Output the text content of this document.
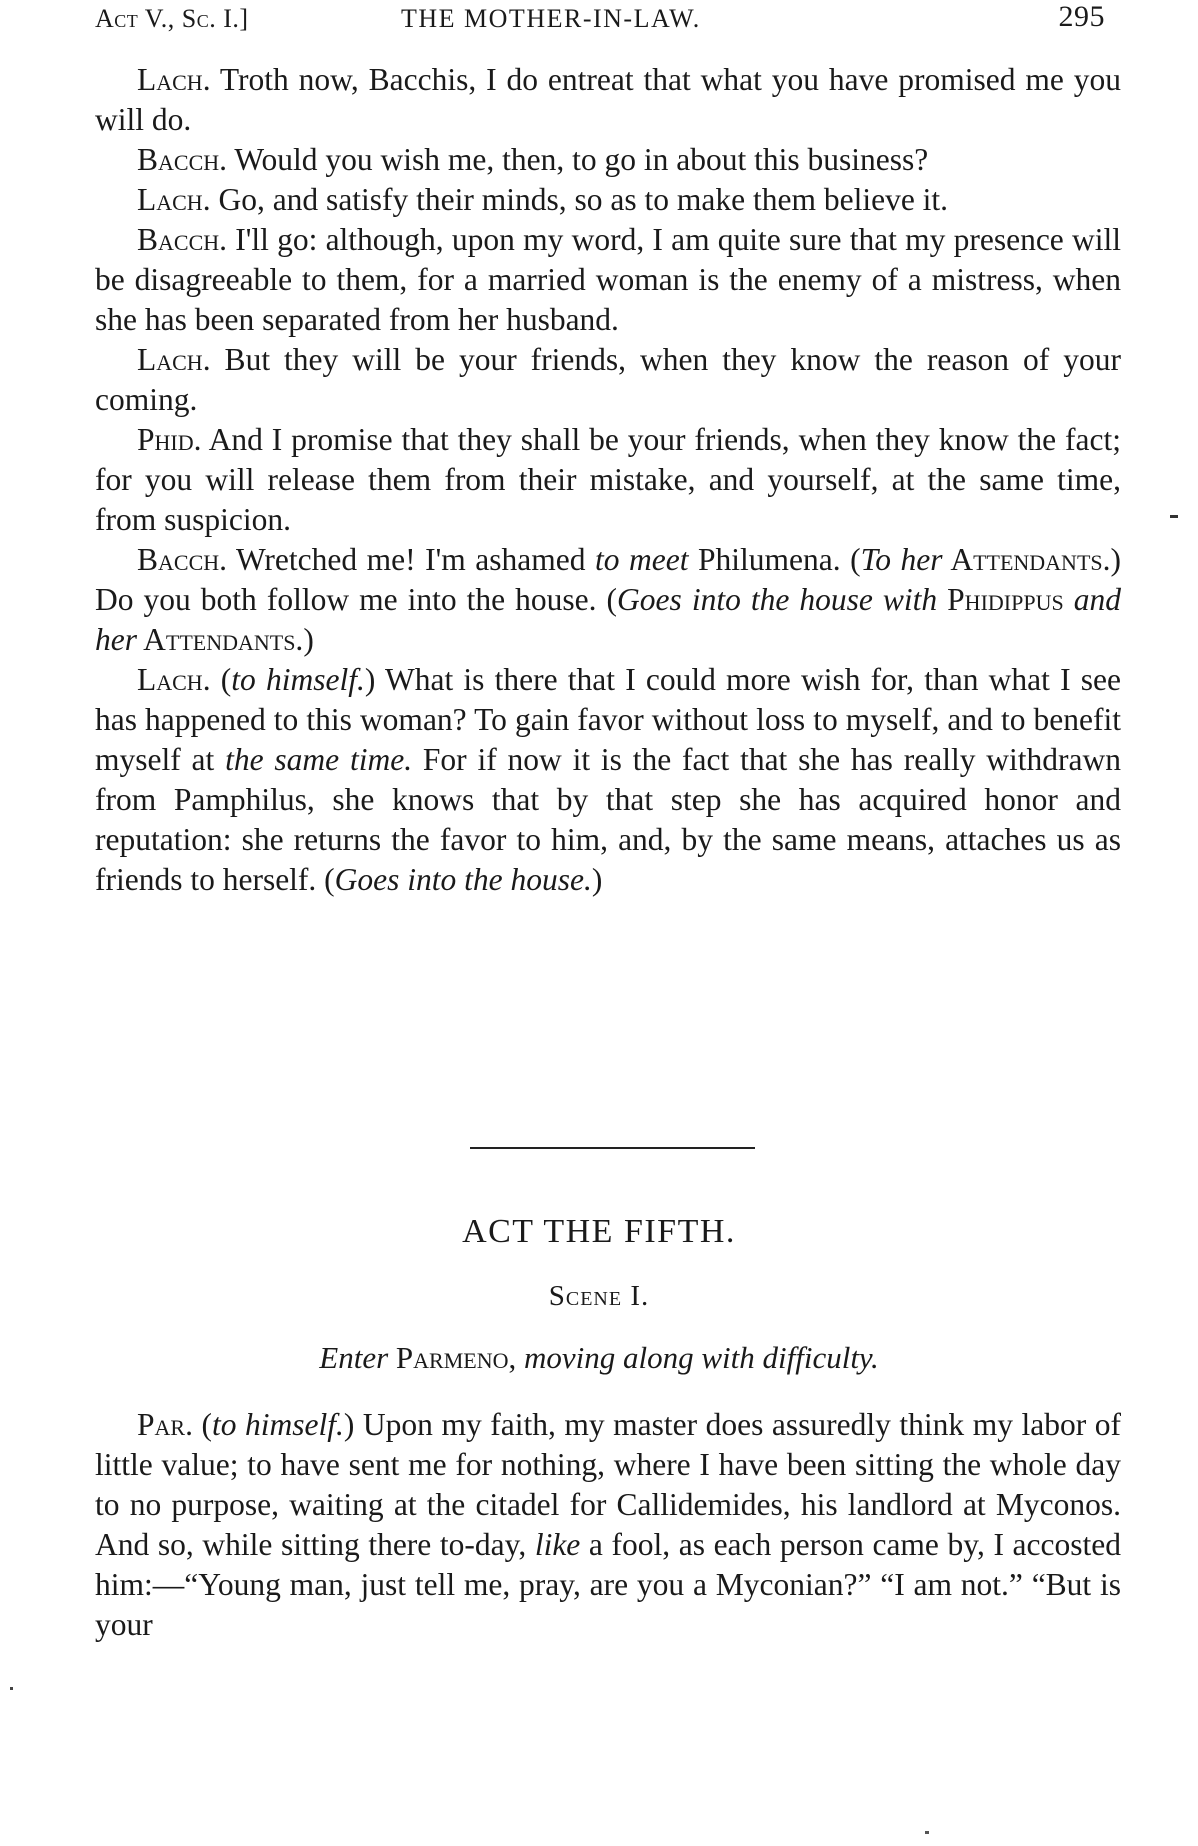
Act V., Sc. I.]	THE MOTHER-IN-LAW.	295

Lach. Troth now, Bacchis, I do entreat that what you have promised me you will do.

Bacch. Would you wish me, then, to go in about this business?

Lach. Go, and satisfy their minds, so as to make them believe it.

Bacch. I'll go: although, upon my word, I am quite sure that my presence will be disagreeable to them, for a married woman is the enemy of a mistress, when she has been separated from her husband.

Lach. But they will be your friends, when they know the reason of your coming.

Phid. And I promise that they shall be your friends, when they know the fact; for you will release them from their mistake, and yourself, at the same time, from suspicion.

Bacch. Wretched me! I'm ashamed to meet Philumena. (To her Attendants.) Do you both follow me into the house. (Goes into the house with Phidippus and her Attendants.)

Lach. (to himself.) What is there that I could more wish for, than what I see has happened to this woman? To gain favor without loss to myself, and to benefit myself at the same time. For if now it is the fact that she has really withdrawn from Pamphilus, she knows that by that step she has acquired honor and reputation: she returns the favor to him, and, by the same means, attaches us as friends to herself. (Goes into the house.)

ACT THE FIFTH.
Scene I.
Enter Parmeno, moving along with difficulty.

Par. (to himself.) Upon my faith, my master does assuredly think my labor of little value; to have sent me for nothing, where I have been sitting the whole day to no purpose, waiting at the citadel for Callidemides, his landlord at Myconos. And so, while sitting there to-day, like a fool, as each person came by, I accosted him:—“Young man, just tell me, pray, are you a Myconian?” “I am not.” “But is your
